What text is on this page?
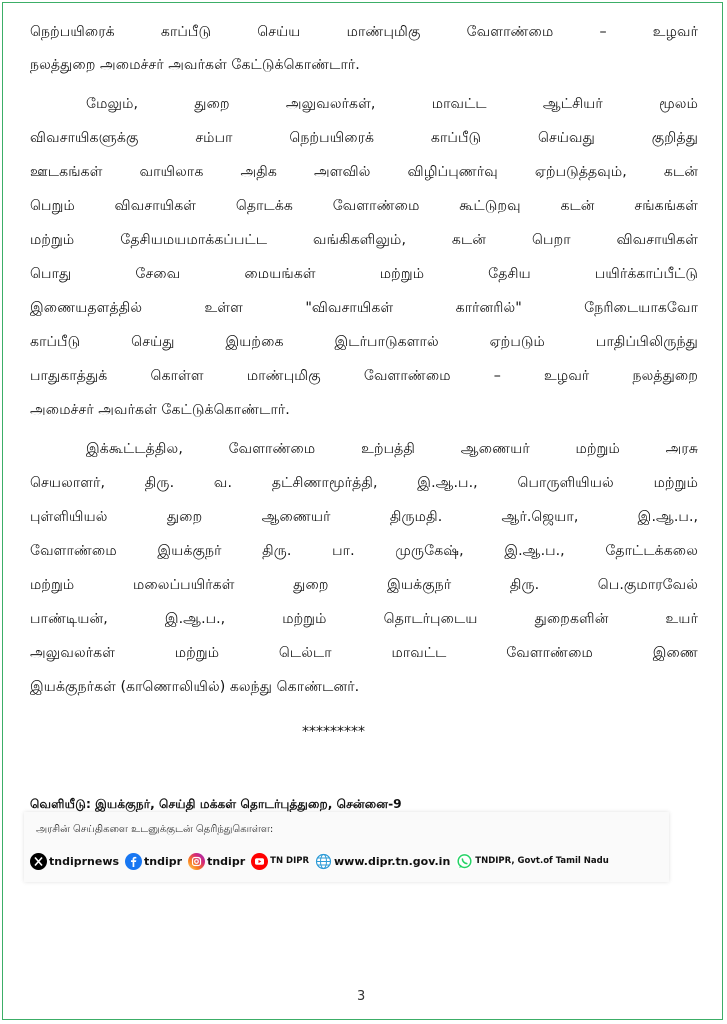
நெற்பயிரைக் காப்பீடு செய்ய மாண்புமிகு வேளாண்மை – உழவர்
நலத்துறை அமைச்சர் அவர்கள் கேட்டுக்கொண்டார்.
மேலும், துறை அலுவலர்கள், மாவட்ட ஆட்சியர் மூலம்
விவசாயிகளுக்கு சம்பா நெற்பயிரைக் காப்பீடு செய்வது குறித்து
ஊடகங்கள் வாயிலாக அதிக அளவில் விழிப்புணர்வு ஏற்படுத்தவும், கடன்
பெறும் விவசாயிகள் தொடக்க வேளாண்மை கூட்டுறவு கடன் சங்கங்கள்
மற்றும் தேசியமயமாக்கப்பட்ட வங்கிகளிலும், கடன் பெறா விவசாயிகள்
பொது சேவை மையங்கள் மற்றும் தேசிய பயிர்க்காப்பீட்டு
இணையதளத்தில் உள்ள "விவசாயிகள் கார்னரில்" நேரிடையாகவோ
காப்பீடு செய்து இயற்கை இடர்பாடுகளால் ஏற்படும் பாதிப்பிலிருந்து
பாதுகாத்துக் கொள்ள மாண்புமிகு வேளாண்மை – உழவர் நலத்துறை
அமைச்சர் அவர்கள் கேட்டுக்கொண்டார்.
இக்கூட்டத்தில, வேளாண்மை உற்பத்தி ஆணையர் மற்றும் அரசு
செயலாளர், திரு. வ. தட்சிணாமூர்த்தி, இ.ஆ.ப., பொருளியியல் மற்றும்
புள்ளியியல் துறை ஆணையர் திருமதி. ஆர்.ஜெயா, இ.ஆ.ப.,
வேளாண்மை இயக்குநர் திரு. பா. முருகேஷ், இ.ஆ.ப., தோட்டக்கலை
மற்றும் மலைப்பயிர்கள் துறை இயக்குநர் திரு. பெ.குமாரவேல்
பாண்டியன், இ.ஆ.ப., மற்றும் தொடர்புடைய துறைகளின் உயர்
அலுவலர்கள் மற்றும் டெல்டா மாவட்ட வேளாண்மை இணை
இயக்குநர்கள் (காணொலியில்) கலந்து கொண்டனர்.
*********
வெளியீடு: இயக்குநர், செய்தி மக்கள் தொடர்புத்துறை, சென்னை-9
அரசின் செய்திகளை உடனுக்குடன் தெரிந்துகொள்ள:
tndiprnews tndipr tndipr	TN DIPR www.dipr.tn.gov.in	TNDIPR, Govt.of Tamil Nadu
3
